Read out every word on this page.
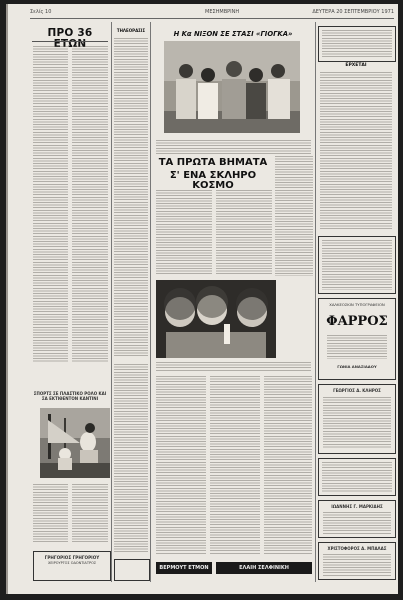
Σελίς 10	ΜΕΣΗΜΒΡΙΝΗ	ΔΕΥΤΕΡΑ 20 ΣΕΠΤΕΜΒΡΙΟΥ 1971
ΠΡΟ 36 ΕΤΩΝ
ΣΠΟΡΤΣ ΣΕ ΠΛΑΣΤΙΚΟ ΡΟΛΟ ΚΑΙ ΣΑ ΕΚΤΙΘΕΝΤΟΝ ΚΑΝΤΙΝΙ
ΓΡΗΓΟΡΙΟΣ ΓΡΗΓΟΡΙΟΥ
ΧΕΙΡΟΥΡΓΟΣ ΟΔΟΝΤΙΑΤΡΟΣ
ΤΗΛΕΟΡΑΣΙΣ	Η Κα ΝΙΞΟΝ ΣΕ ΣΤΑΣΙ «ΓΙΟΓΚΑ»
ΤΑ ΠΡΩΤΑ ΒΗΜΑΤΑ
Σ' ΕΝΑ ΣΚΛΗΡΟ ΚΟΣΜΟ
ΒΕΡΜΟΥΤ ΕΤΜΟΝ	ΕΛΑΙΗ ΣΕΛΦΙΝΙΚΗ
ΕΡΧΕΤΑΙ
ΧΑΛΚΕΟΣΚΙΝ ΤΥΠΟΓΡΑΦΕΙΟΝ
ΦΑΡΡΟΣ
ΓΩΝΙΑ ΑΝΑΣΙΑΔΟΥ
ΓΕΩΡΓΙΟΣ Δ. ΚΛΗΡΟΣ
ΙΩΑΝΝΗΣ Γ. ΜΑΡΚΙΔΗΣ
ΧΡΙΣΤΟΦΟΡΟΣ Α. ΜΠΑΛΑΣ
